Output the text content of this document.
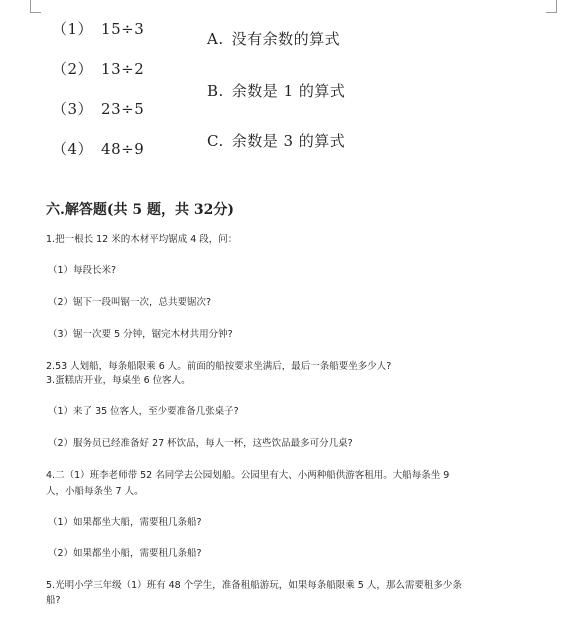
（1） 15÷3
（2） 13÷2
（3） 23÷5
（4） 48÷9
A. 没有余数的算式
B. 余数是 1 的算式
C. 余数是 3 的算式
六.解答题(共 5 题，共 32分)

1.把一根长 12 米的木材平均锯成 4 段，问：

（1）每段长米?

（2）锯下一段叫锯一次，总共要锯次?

（3）锯一次要 5 分钟，锯完木材共用分钟?

2.53 人划船，每条船限乘 6 人。前面的船按要求坐满后，最后一条船要坐多少人?

3.蛋糕店开业，每桌坐 6 位客人。

（1）来了 35 位客人，至少要准备几张桌子?

（2）服务员已经准备好 27 杯饮品，每人一杯，这些饮品最多可分几桌?

4.二（1）班李老师带 52 名同学去公园划船。公园里有大、小两种船供游客租用。大船每条坐 9

人，小船每条坐 7 人。

（1）如果都坐大船，需要租几条船?

（2）如果都坐小船，需要租几条船?

5.光明小学三年级（1）班有 48 个学生，准备租船游玩，如果每条船限乘 5 人，那么需要租多少条

船?
